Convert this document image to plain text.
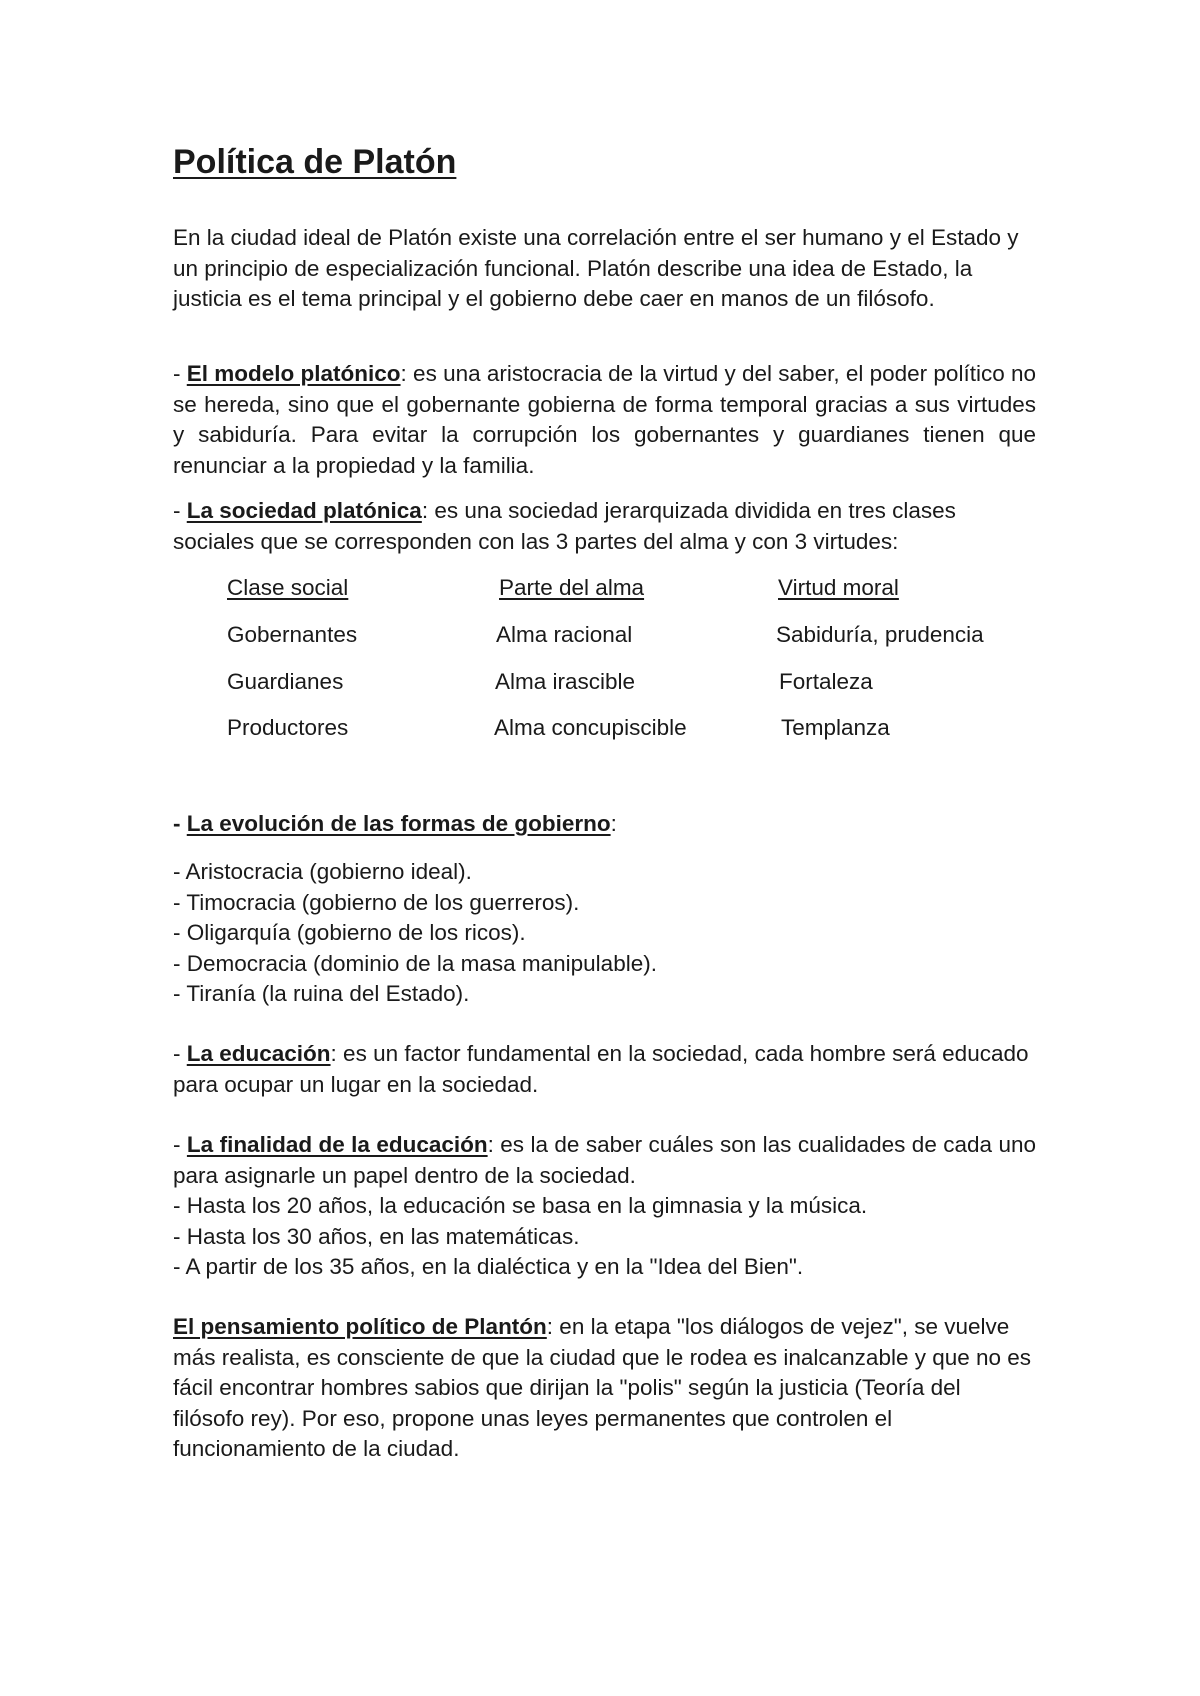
Política de Platón

En la ciudad ideal de Platón existe una correlación entre el ser humano y el Estado y un principio de especialización funcional. Platón describe una idea de Estado, la justicia es el tema principal y el gobierno debe caer en manos de un filósofo.

- El modelo platónico: es una aristocracia de la virtud y del saber, el poder político no se hereda, sino que el gobernante gobierna de forma temporal gracias a sus virtudes y sabiduría. Para evitar la corrupción los gobernantes y guardianes tienen que renunciar a la propiedad y la familia.

- La sociedad platónica: es una sociedad jerarquizada dividida en tres clases sociales que se corresponden con las 3 partes del alma y con 3 virtudes:

Clase social	Parte del alma	Virtud moral
Gobernantes	Alma racional	Sabiduría, prudencia
Guardianes	Alma irascible	Fortaleza
Productores	Alma concupiscible	Templanza

- La evolución de las formas de gobierno:

- Aristocracia (gobierno ideal).
- Timocracia (gobierno de los guerreros).
- Oligarquía (gobierno de los ricos).
- Democracia (dominio de la masa manipulable).
- Tiranía (la ruina del Estado).

- La educación: es un factor fundamental en la sociedad, cada hombre será educado para ocupar un lugar en la sociedad.

- La finalidad de la educación: es la de saber cuáles son las cualidades de cada uno para asignarle un papel dentro de la sociedad.

- Hasta los 20 años, la educación se basa en la gimnasia y la música.
- Hasta los 30 años, en las matemáticas.
- A partir de los 35 años, en la dialéctica y en la "Idea del Bien".

El pensamiento político de Plantón: en la etapa "los diálogos de vejez", se vuelve más realista, es consciente de que la ciudad que le rodea es inalcanzable y que no es fácil encontrar hombres sabios que dirijan la "polis" según la justicia (Teoría del filósofo rey). Por eso, propone unas leyes permanentes que controlen el funcionamiento de la ciudad.
